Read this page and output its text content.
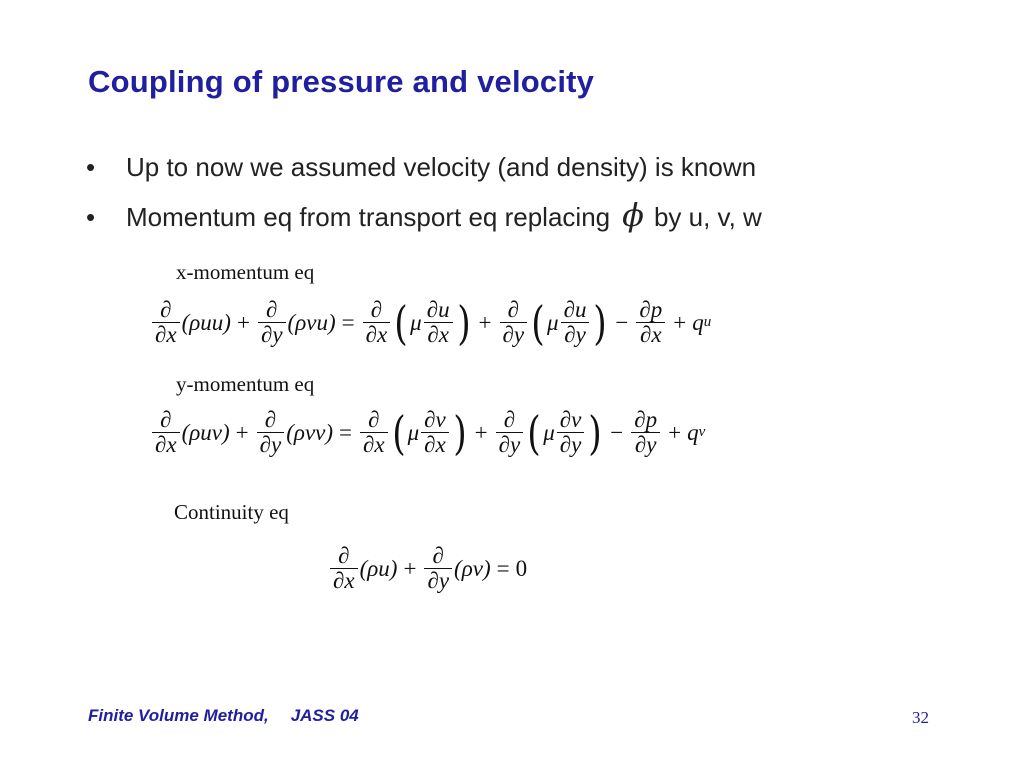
Coupling of pressure and velocity
•	Up to now we assumed velocity (and density) is known
•	Momentum eq from transport eq replacing ϕ by u, v, w
x-momentum eq
$\frac{\partial}{\partial x} (\rho uu) + \frac{\partial}{\partial y} (\rho vu) = \frac{\partial}{\partial x}$ ( μ $\frac{\partial u}{\partial x}$ ) + $\frac{\partial}{\partial y}$ ( μ $\frac{\partial u}{\partial y}$ ) − $\frac{\partial p}{\partial x} + q$ u
y-momentum eq
$\frac{\partial}{\partial x} (\rho uv) + \frac{\partial}{\partial y} (\rho vv) = \frac{\partial}{\partial x}$ ( μ $\frac{\partial v}{\partial x}$ ) + $\frac{\partial}{\partial y}$ ( μ $\frac{\partial v}{\partial y}$ ) − $\frac{\partial p}{\partial y} + q$ v
Continuity eq
$\frac{\partial}{\partial x} (\rho u) + \frac{\partial}{\partial y} (\rho v) = 0$
Finite Volume Method, JASS 04	32
